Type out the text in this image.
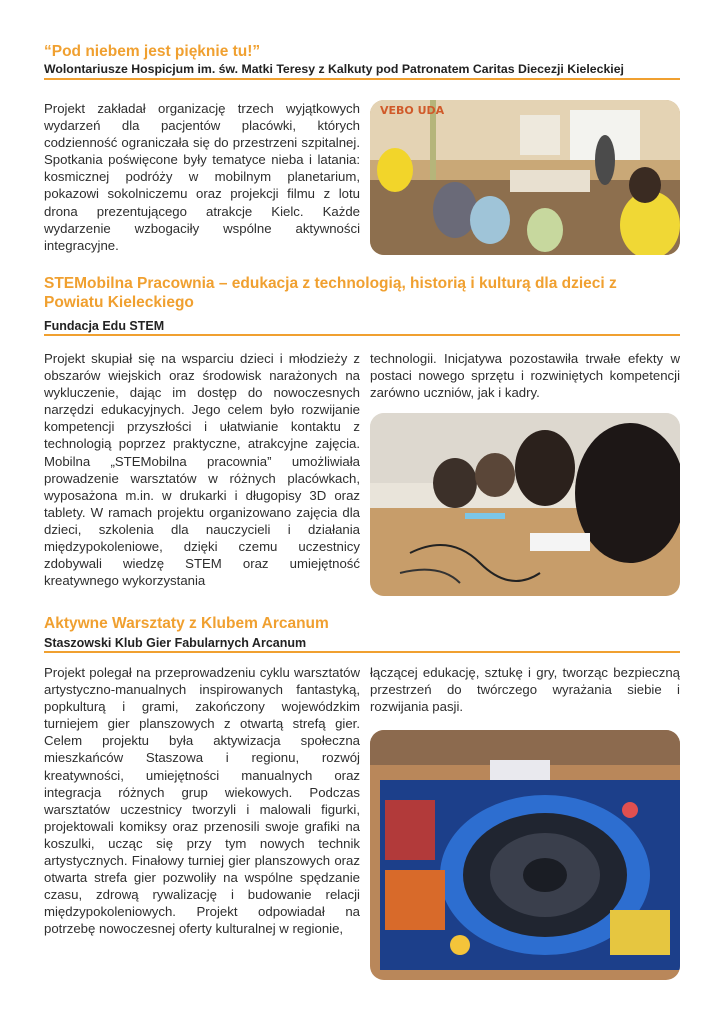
“Pod niebem jest pięknie tu!”

Wolontariusze Hospicjum im. św. Matki Teresy z Kalkuty pod Patronatem Caritas Diecezji Kieleckiej

Projekt zakładał organizację trzech wyjątkowych wydarzeń dla pacjentów placówki, których codzienność ograniczała się do przestrzeni szpitalnej. Spotkania poświęcone były tematyce nieba i latania: kosmicznej podróży w mobilnym planetarium, pokazowi sokolniczemu oraz projekcji filmu z lotu drona prezentującego atrakcje Kielc. Każde wydarzenie wzbogaciły wspólne aktywności integracyjne.

VEBO UDA

STEMobilna Pracownia – edukacja z technologią, historią i kulturą dla dzieci z Powiatu Kieleckiego

Fundacja Edu STEM

Projekt skupiał się na wsparciu dzieci i młodzieży z obszarów wiejskich oraz środowisk narażonych na wykluczenie, dając im dostęp do nowoczesnych narzędzi edukacyjnych. Jego celem było rozwijanie kompetencji przyszłości i ułatwianie kontaktu z technologią poprzez praktyczne, atrakcyjne zajęcia. Mobilna „STEMobilna pracownia” umożliwiała prowadzenie warsztatów w różnych placówkach, wyposażona m.in. w drukarki i długopisy 3D oraz tablety. W ramach projektu organizowano zajęcia dla dzieci, szkolenia dla nauczycieli i działania międzypokoleniowe, dzięki czemu uczestnicy zdobywali wiedzę STEM oraz umiejętność kreatywnego wykorzystania

technologii. Inicjatywa pozostawiła trwałe efekty w postaci nowego sprzętu i rozwiniętych kompetencji zarówno uczniów, jak i kadry.

Aktywne Warsztaty z Klubem Arcanum

Staszowski Klub Gier Fabularnych Arcanum

Projekt polegał na przeprowadzeniu cyklu warsztatów artystyczno-manualnych inspirowanych fantastyką, popkulturą i grami, zakończony wojewódzkim turniejem gier planszowych z otwartą strefą gier. Celem projektu była aktywizacja społeczna mieszkańców Staszowa i regionu, rozwój kreatywności, umiejętności manualnych oraz integracja różnych grup wiekowych. Podczas warsztatów uczestnicy tworzyli i malowali figurki, projektowali komiksy oraz przenosili swoje grafiki na koszulki, ucząc się przy tym nowych technik artystycznych. Finałowy turniej gier planszowych oraz otwarta strefa gier pozwoliły na wspólne spędzanie czasu, zdrową rywalizację i budowanie relacji międzypokoleniowych. Projekt odpowiadał na potrzebę nowoczesnej oferty kulturalnej w regionie,

łączącej edukację, sztukę i gry, tworząc bezpieczną przestrzeń do twórczego wyrażania siebie i rozwijania pasji.
